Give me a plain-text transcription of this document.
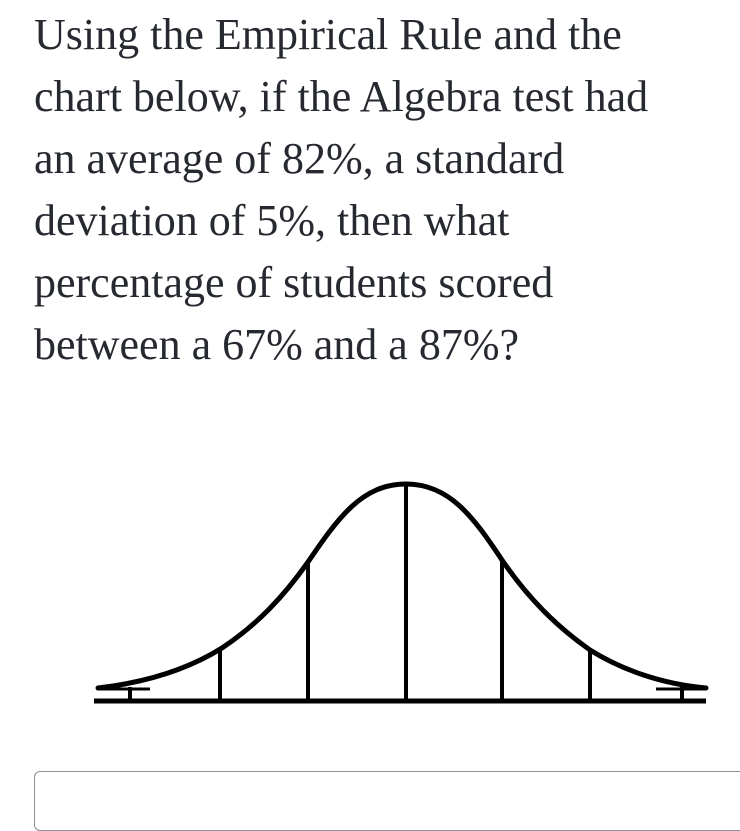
Using the Empirical Rule and the
chart below, if the Algebra test had
an average of 82%, a standard
deviation of 5%, then what
percentage of students scored
between a 67% and a 87%?
